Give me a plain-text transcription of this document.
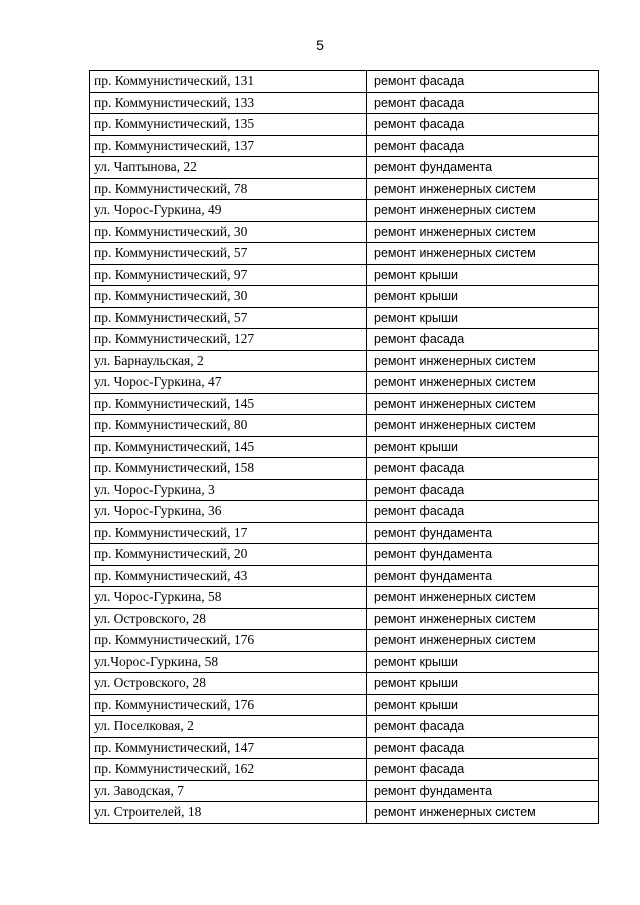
5
пр. Коммунистический, 131	ремонт фасада
пр. Коммунистический, 133	ремонт фасада
пр. Коммунистический, 135	ремонт фасада
пр. Коммунистический, 137	ремонт фасада
ул. Чаптынова, 22	ремонт фундамента
пр. Коммунистический, 78	ремонт инженерных систем
ул. Чорос-Гуркина, 49	ремонт инженерных систем
пр. Коммунистический, 30	ремонт инженерных систем
пр. Коммунистический, 57	ремонт инженерных систем
пр. Коммунистический, 97	ремонт крыши
пр. Коммунистический, 30	ремонт крыши
пр. Коммунистический, 57	ремонт крыши
пр. Коммунистический, 127	ремонт фасада
ул. Барнаульская, 2	ремонт инженерных систем
ул. Чорос-Гуркина, 47	ремонт инженерных систем
пр. Коммунистический, 145	ремонт инженерных систем
пр. Коммунистический, 80	ремонт инженерных систем
пр. Коммунистический, 145	ремонт крыши
пр. Коммунистический, 158	ремонт фасада
ул. Чорос-Гуркина, 3	ремонт фасада
ул. Чорос-Гуркина, 36	ремонт фасада
пр. Коммунистический, 17	ремонт фундамента
пр. Коммунистический, 20	ремонт фундамента
пр. Коммунистический, 43	ремонт фундамента
ул. Чорос-Гуркина, 58	ремонт инженерных систем
ул. Островского, 28	ремонт инженерных систем
пр. Коммунистический, 176	ремонт инженерных систем
ул.Чорос-Гуркина, 58	ремонт крыши
ул. Островского, 28	ремонт крыши
пр. Коммунистический, 176	ремонт крыши
ул. Поселковая, 2	ремонт фасада
пр. Коммунистический, 147	ремонт фасада
пр. Коммунистический, 162	ремонт фасада
ул. Заводская, 7	ремонт фундамента
ул. Строителей, 18	ремонт инженерных систем
